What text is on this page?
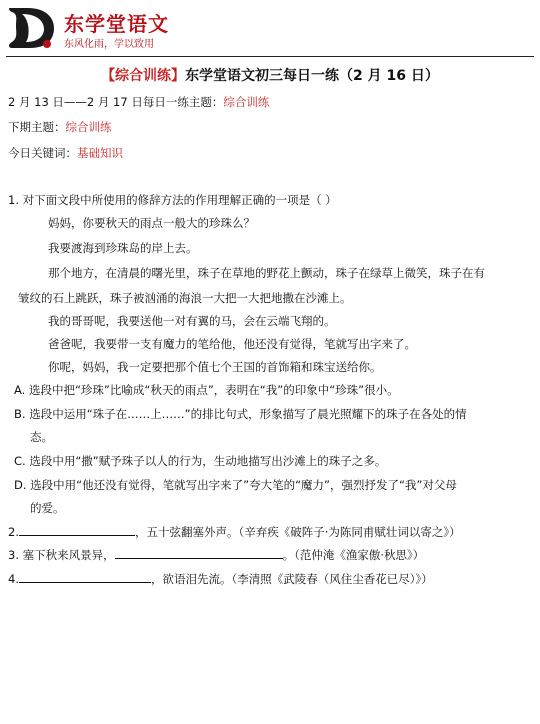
东学堂语文
东风化雨，学以致用
【综合训练】东学堂语文初三每日一练（2 月 16 日）
2 月 13 日——2 月 17 日每日一练主题：综合训练
下期主题：综合训练
今日关键词：基础知识
1. 对下面文段中所使用的修辞方法的作用理解正确的一项是（ ）
妈妈，你要秋天的雨点一般大的珍珠么？
我要渡海到珍珠岛的岸上去。
那个地方，在清晨的曙光里，珠子在草地的野花上颤动，珠子在绿草上微笑，珠子在有
皱纹的石上跳跃，珠子被汹涌的海浪一大把一大把地撒在沙滩上。
我的哥哥呢，我要送他一对有翼的马，会在云端飞翔的。
爸爸呢，我要带一支有魔力的笔给他，他还没有觉得，笔就写出字来了。
你呢，妈妈，我一定要把那个值七个王国的首饰箱和珠宝送给你。
A. 选段中把“珍珠”比喻成“秋天的雨点”，表明在“我”的印象中“珍珠”很小。
B. 选段中运用“珠子在……上……”的排比句式，形象描写了晨光照耀下的珠子在各处的情
态。
C. 选段中用“撒”赋予珠子以人的行为，生动地描写出沙滩上的珠子之多。
D. 选段中用“他还没有觉得，笔就写出字来了”夸大笔的“魔力”，强烈抒发了“我”对父母
的爱。
2.	，五十弦翻塞外声。（辛弃疾《破阵子·为陈同甫赋壮词以寄之》）
3. 塞下秋来风景异，	。（范仲淹《渔家傲·秋思》）
4.	，欲语泪先流。（李清照《武陵春（风住尘香花已尽）》）
